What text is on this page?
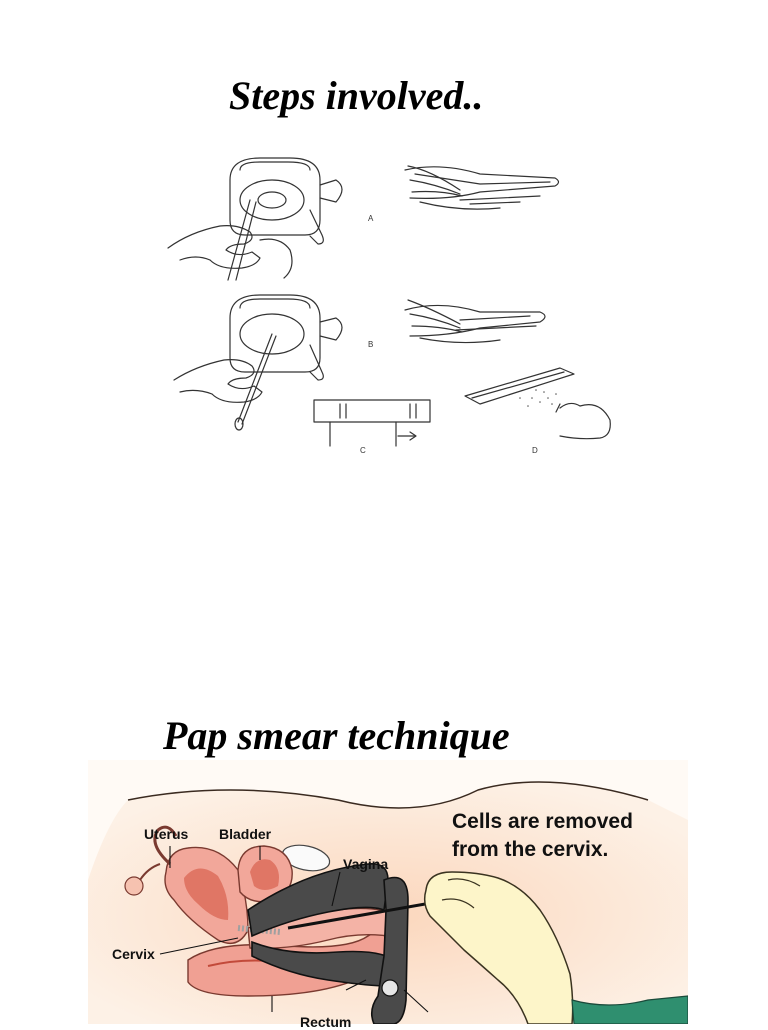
Steps involved..
A
B
C	D
Pap smear technique
Uterus Bladder
Vagina
Cervix
Rectum
Cells are removed
from the cervix.
